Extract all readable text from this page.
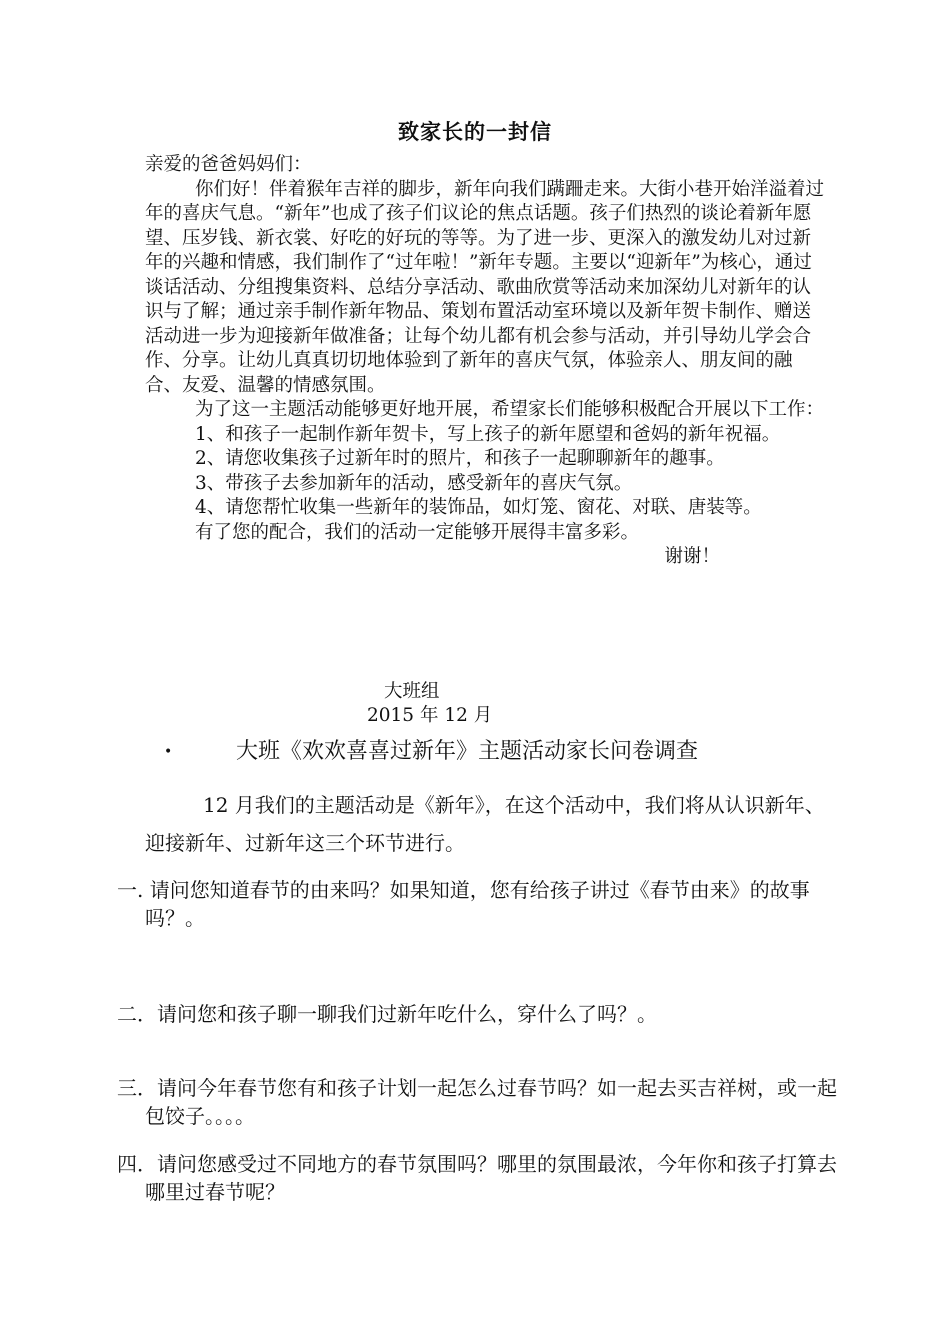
致家长的一封信

亲爱的爸爸妈妈们：

你们好！伴着猴年吉祥的脚步，新年向我们蹒跚走来。大街小巷开始洋溢着过年的喜庆气息。“新年”也成了孩子们议论的焦点话题。孩子们热烈的谈论着新年愿望、压岁钱、新衣裳、好吃的好玩的等等。为了进一步、更深入的激发幼儿对过新年的兴趣和情感，我们制作了“过年啦！”新年专题。主要以“迎新年”为核心，通过谈话活动、分组搜集资料、总结分享活动、歌曲欣赏等活动来加深幼儿对新年的认识与了解；通过亲手制作新年物品、策划布置活动室环境以及新年贺卡制作、赠送活动进一步为迎接新年做准备；让每个幼儿都有机会参与活动，并引导幼儿学会合作、分享。让幼儿真真切切地体验到了新年的喜庆气氛，体验亲人、朋友间的融合、友爱、温馨的情感氛围。

为了这一主题活动能够更好地开展，希望家长们能够积极配合开展以下工作：

1、和孩子一起制作新年贺卡，写上孩子的新年愿望和爸妈的新年祝福。

2、请您收集孩子过新年时的照片，和孩子一起聊聊新年的趣事。

3、带孩子去参加新年的活动，感受新年的喜庆气氛。

4、请您帮忙收集一些新年的装饰品，如灯笼、窗花、对联、唐装等。

有了您的配合，我们的活动一定能够开展得丰富多彩。

谢谢！

大班组
2015 年 12 月
•	大班《欢欢喜喜过新年》主题活动家长问卷调查

12 月我们的主题活动是《新年》，在这个活动中，我们将从认识新年、迎接新年、过新年这三个环节进行。

一. 请问您知道春节的由来吗？如果知道，您有给孩子讲过《春节由来》的故事吗？。
二．请问您和孩子聊一聊我们过新年吃什么，穿什么了吗？。
三．请问今年春节您有和孩子计划一起怎么过春节吗？如一起去买吉祥树，或一起包饺子。。。。
四．请问您感受过不同地方的春节氛围吗？哪里的氛围最浓，今年你和孩子打算去哪里过春节呢？
